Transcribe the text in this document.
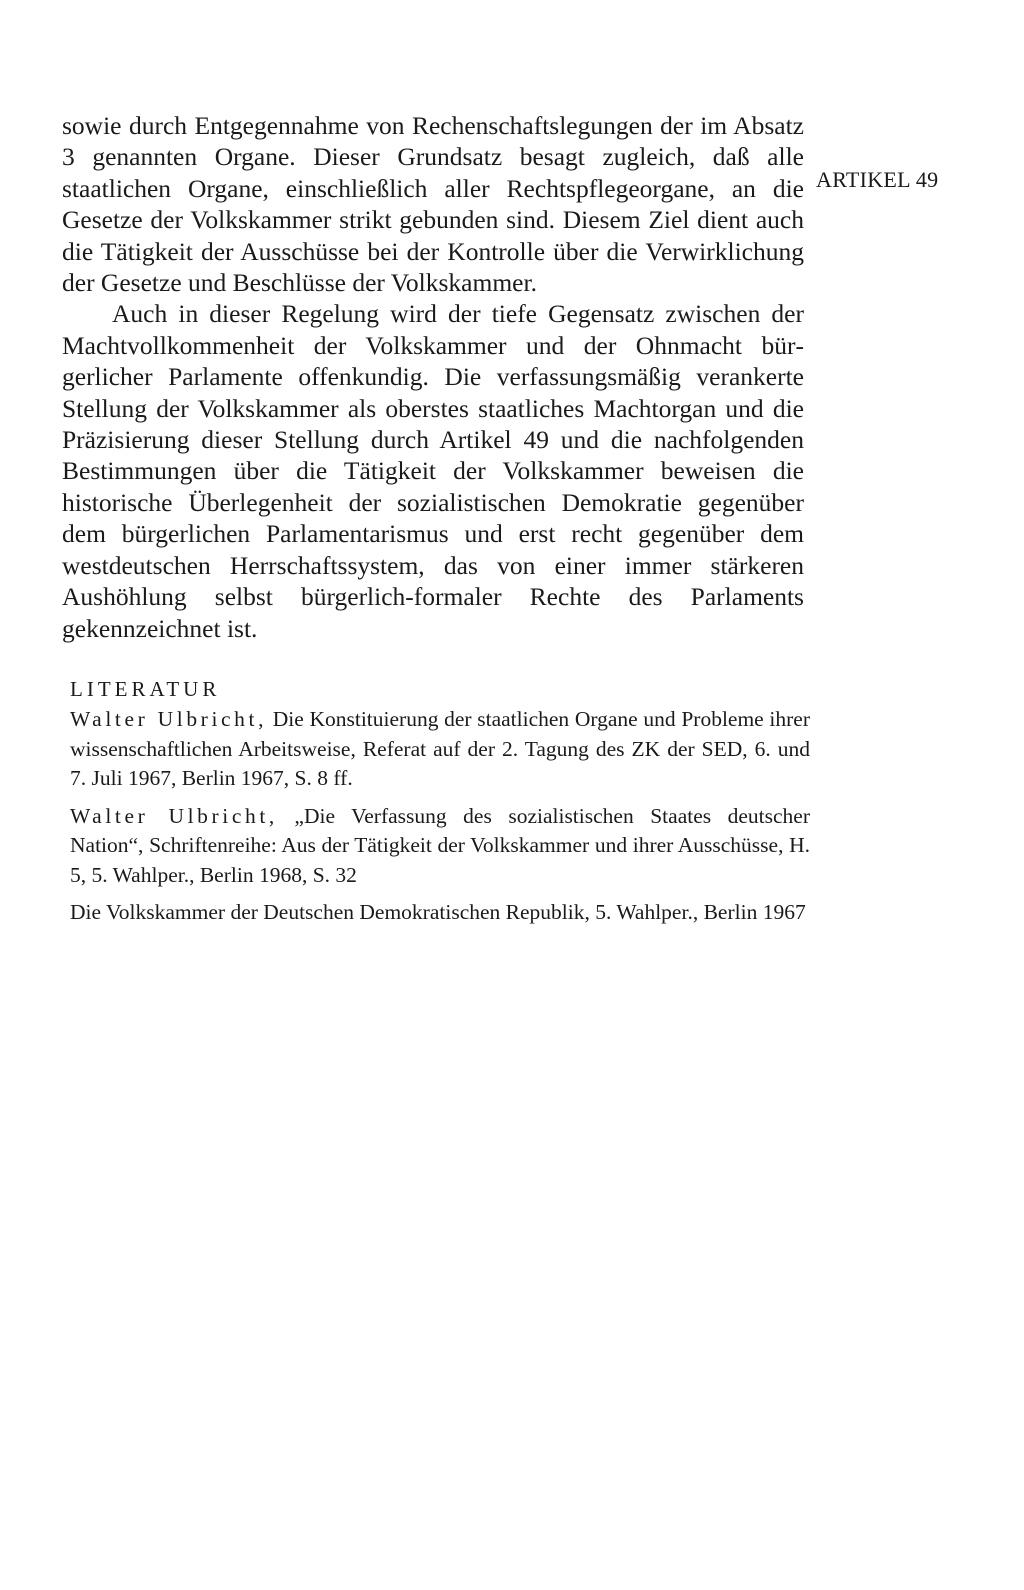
sowie durch Entgegennahme von Rechenschaftslegungen der im Absatz 3 genannten Organe. Dieser Grundsatz besagt zugleich, daß alle staatlichen Organe, einschließlich aller Rechtspflegeorgane, an die Gesetze der Volkskammer strikt gebunden sind. Diesem Ziel dient auch die Tätigkeit der Ausschüsse bei der Kontrolle über die Verwirklichung der Gesetze und Beschlüsse der Volkskammer.

Auch in dieser Regelung wird der tiefe Gegensatz zwischen der Machtvollkommenheit der Volkskammer und der Ohnmacht bürgerlicher Parlamente offenkundig. Die verfassungsmäßig verankerte Stellung der Volkskammer als oberstes staatliches Machtorgan und die Präzisierung dieser Stellung durch Artikel 49 und die nachfolgenden Bestimmungen über die Tätigkeit der Volkskammer beweisen die historische Überlegenheit der sozialistischen Demokratie gegenüber dem bürgerlichen Parlamentarismus und erst recht gegenüber dem westdeutschen Herrschaftssystem, das von einer immer stärkeren Aushöhlung selbst bürgerlich-formaler Rechte des Parlaments gekennzeichnet ist.

ARTIKEL 49
LITERATUR
Walter Ulbricht, Die Konstituierung der staatlichen Organe und Probleme ihrer wissenschaftlichen Arbeitsweise, Referat auf der 2. Tagung des ZK der SED, 6. und 7. Juli 1967, Berlin 1967, S. 8 ff.
Walter Ulbricht, „Die Verfassung des sozialistischen Staates deutscher Nation“, Schriftenreihe: Aus der Tätigkeit der Volkskammer und ihrer Ausschüsse, H. 5, 5. Wahlper., Berlin 1968, S. 32
Die Volkskammer der Deutschen Demokratischen Republik, 5. Wahlper., Berlin 1967
